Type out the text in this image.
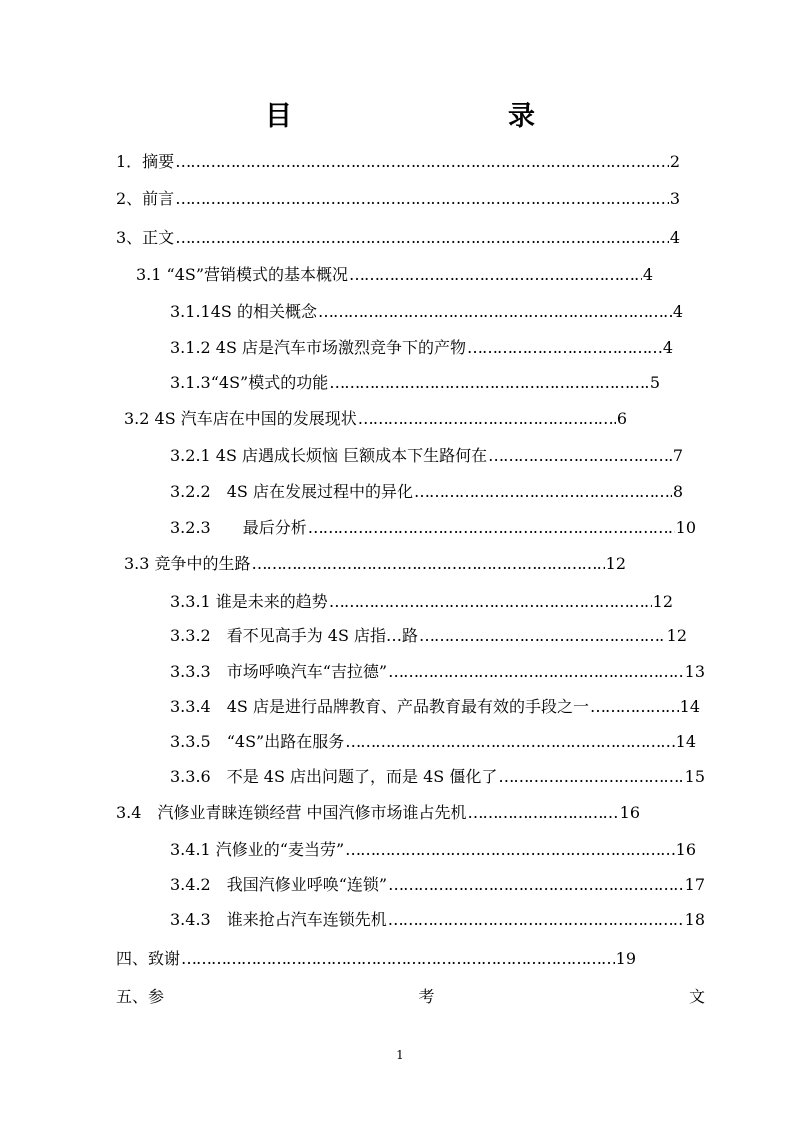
目　　录
1．摘要 …………………………………………………………………………………………………………………………………………………………	2
2、前言 …………………………………………………………………………………………………………………………………………………………	3
3、正文 …………………………………………………………………………………………………………………………………………………………	4
3.1 “4S”营销模式的基本概况 …………………………………………………………………………………………………………………………………………………………	4
3.1.14S 的相关概念 …………………………………………………………………………………………………………………………………………………………	4
3.1.2 4S 店是汽车市场激烈竞争下的产物 …………………………………………………………………………………………………………………………………………………………	4
3.1.3“4S”模式的功能 …………………………………………………………………………………………………………………………………………………………	5
3.2 4S 汽车店在中国的发展现状 …………………………………………………………………………………………………………………………………………………………	6
3.2.1 4S 店遇成长烦恼 巨额成本下生路何在 …………………………………………………………………………………………………………………………………………………………	7
3.2.2　4S 店在发展过程中的异化 …………………………………………………………………………………………………………………………………………………………	8
3.2.3　　最后分析 …………………………………………………………………………………………………………………………………………………………	10
3.3 竞争中的生路 …………………………………………………………………………………………………………………………………………………………	12
3.3.1 谁是未来的趋势 …………………………………………………………………………………………………………………………………………………………	12
3.3.2　看不见高手为 4S 店指…路 …………………………………………………………………………………………………………………………………………………………	12
3.3.3　市场呼唤汽车“吉拉德” …………………………………………………………………………………………………………………………………………………………	13
3.3.4　4S 店是进行品牌教育、产品教育最有效的手段之一 …………………………………………………………………………………………………………………………………………………………	14
3.3.5　“4S”出路在服务 …………………………………………………………………………………………………………………………………………………………	14
3.3.6　不是 4S 店出问题了，而是 4S 僵化了 …………………………………………………………………………………………………………………………………………………………	15
3.4　汽修业青睐连锁经营 中国汽修市场谁占先机 …………………………………………………………………………………………………………………………………………………………	16
3.4.1 汽修业的“麦当劳” …………………………………………………………………………………………………………………………………………………………	16
3.4.2　我国汽修业呼唤“连锁” …………………………………………………………………………………………………………………………………………………………	17
3.4.3　谁来抢占汽车连锁先机 …………………………………………………………………………………………………………………………………………………………	18
四、致谢 …………………………………………………………………………………………………………………………………………………………	19
五、参	考	文
1
